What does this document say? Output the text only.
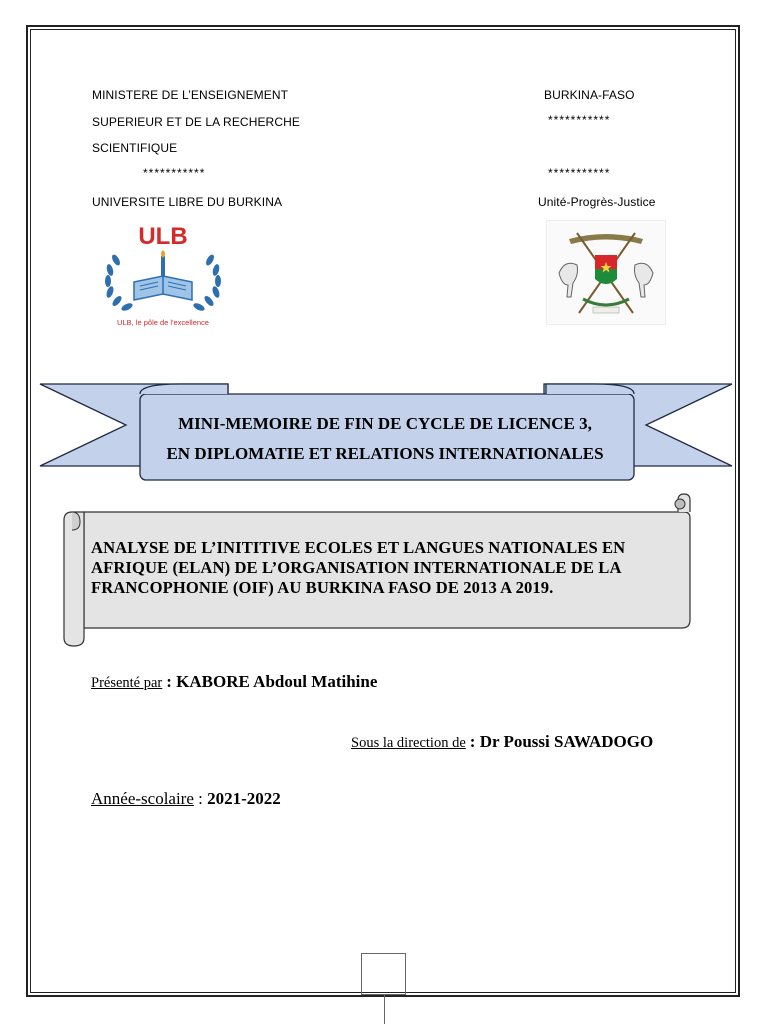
MINISTERE DE L’ENSEIGNEMENT
SUPERIEUR ET DE LA RECHERCHE
SCIENTIFIQUE
***********
UNIVERSITE LIBRE DU BURKINA
BURKINA-FASO
***********
***********
Unité-Progrès-Justice
ULB
ULB, le pôle de l'excellence
MINI-MEMOIRE DE FIN DE CYCLE DE LICENCE 3,
EN DIPLOMATIE ET RELATIONS INTERNATIONALES
ANALYSE DE L’INITITIVE ECOLES ET LANGUES NATIONALES EN AFRIQUE (ELAN) DE L’ORGANISATION INTERNATIONALE DE LA FRANCOPHONIE (OIF) AU BURKINA FASO DE 2013 A 2019.
Présenté par : KABORE Abdoul Matihine
Sous la direction de : Dr Poussi SAWADOGO
Année-scolaire : 2021-2022
